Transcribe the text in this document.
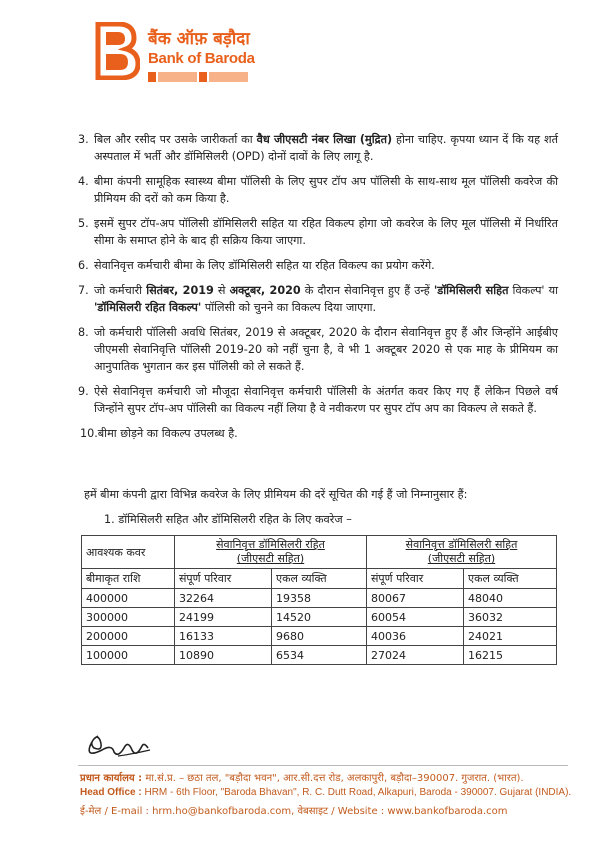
बैंक ऑफ़ बड़ौदा
Bank of Baroda
3. बिल और रसीद पर उसके जारीकर्ता का वैध जीएसटी नंबर लिखा (मुद्रित) होना चाहिए. कृपया ध्यान दें कि यह शर्त अस्पताल में भर्ती और डॉमिसिलरी (OPD) दोनों दावों के लिए लागू है.
4. बीमा कंपनी सामूहिक स्वास्थ्य बीमा पॉलिसी के लिए सुपर टॉप अप पॉलिसी के साथ-साथ मूल पॉलिसी कवरेज की प्रीमियम की दरों को कम किया है.
5. इसमें सुपर टॉप-अप पॉलिसी डॉमिसिलरी सहित या रहित विकल्प होगा जो कवरेज के लिए मूल पॉलिसी में निर्धारित सीमा के समाप्त होने के बाद ही सक्रिय किया जाएगा.
6. सेवानिवृत्त कर्मचारी बीमा के लिए डॉमिसिलरी सहित या रहित विकल्प का प्रयोग करेंगे.
7. जो कर्मचारी सितंबर, 2019 से अक्टूबर, 2020 के दौरान सेवानिवृत्त हुए हैं उन्हें 'डॉमिसिलरी सहित विकल्प' या 'डॉमिसिलरी रहित विकल्प' पॉलिसी को चुनने का विकल्प दिया जाएगा.
8. जो कर्मचारी पॉलिसी अवधि सितंबर, 2019 से अक्टूबर, 2020 के दौरान सेवानिवृत्त हुए हैं और जिन्होंने आईबीए जीएमसी सेवानिवृत्ति पॉलिसी 2019-20 को नहीं चुना है, वे भी 1 अक्टूबर 2020 से एक माह के प्रीमियम का आनुपातिक भुगतान कर इस पॉलिसी को ले सकते हैं.
9. ऐसे सेवानिवृत्त कर्मचारी जो मौजूदा सेवानिवृत्त कर्मचारी पॉलिसी के अंतर्गत कवर किए गए हैं लेकिन पिछले वर्ष जिन्होंने सुपर टॉप-अप पॉलिसी का विकल्प नहीं लिया है वे नवीकरण पर सुपर टॉप अप का विकल्प ले सकते हैं.
10. बीमा छोड़ने का विकल्प उपलब्ध है.
हमें बीमा कंपनी द्वारा विभिन्न कवरेज के लिए प्रीमियम की दरें सूचित की गई हैं जो निम्नानुसार हैं:
1. डॉमिसिलरी सहित और डॉमिसिलरी रहित के लिए कवरेज –
आवश्यक कवर	सेवानिवृत्त डॉमिसिलरी रहित
(जीएसटी सहित)		सेवानिवृत्त डॉमिसिलरी सहित
(जीएसटी सहित)	
बीमाकृत राशि	संपूर्ण परिवार	एकल व्यक्ति	संपूर्ण परिवार	एकल व्यक्ति
400000	32264	19358	80067	48040
300000	24199	14520	60054	36032
200000	16133	9680	40036	24021
100000	10890	6534	27024	16215
प्रधान कार्यालय : मा.सं.प्र. – छठा तल, "बड़ौदा भवन", आर.सी.दत्त रोड, अलकापुरी, बड़ौदा–390007. गुजरात. (भारत).
Head Office : HRM - 6th Floor, "Baroda Bhavan", R. C. Dutt Road, Alkapuri, Baroda - 390007. Gujarat (INDIA).
ई-मेल / E-mail : hrm.ho@bankofbaroda.com, वेबसाइट / Website : www.bankofbaroda.com
